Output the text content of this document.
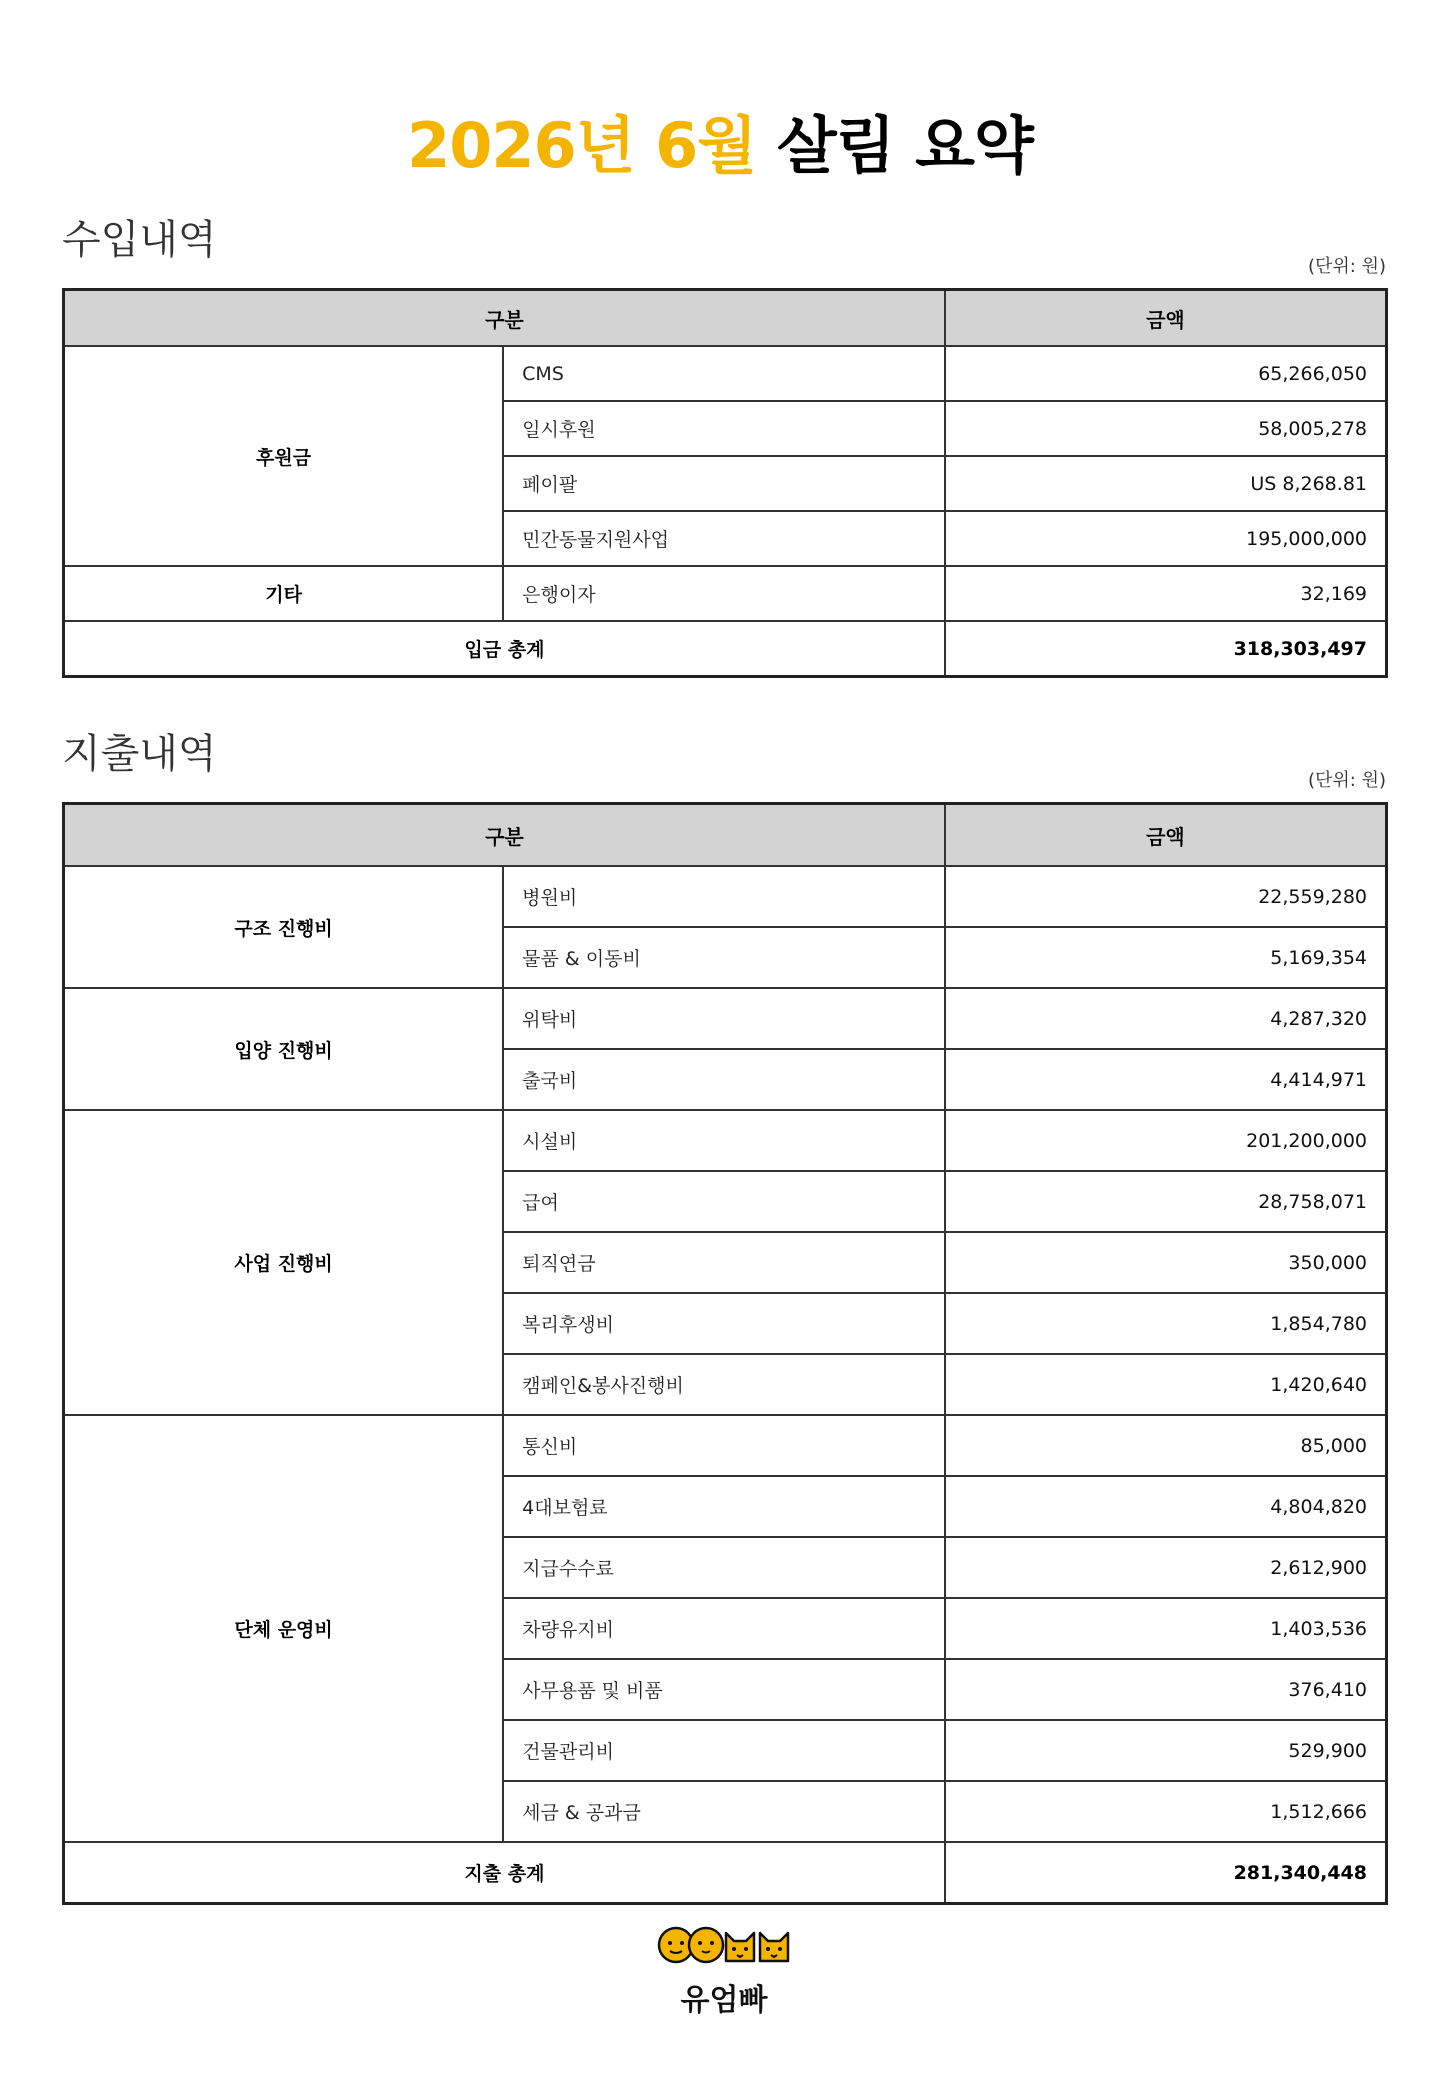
2026년 6월 살림 요약
수입내역
(단위: 원)
구분		금액
후원금	CMS	65,266,050
	일시후원	58,005,278
	페이팔	US 8,268.81
	민간동물지원사업	195,000,000
기타	은행이자	32,169
입금 총계		318,303,497
지출내역
(단위: 원)
구분		금액
구조 진행비	병원비	22,559,280
	물품 & 이동비	5,169,354
입양 진행비	위탁비	4,287,320
	출국비	4,414,971
사업 진행비	시설비	201,200,000
	급여	28,758,071
	퇴직연금	350,000
	복리후생비	1,854,780
	캠페인&봉사진행비	1,420,640
단체 운영비	통신비	85,000
	4대보험료	4,804,820
	지급수수료	2,612,900
	차량유지비	1,403,536
	사무용품 및 비품	376,410
	건물관리비	529,900
	세금 & 공과금	1,512,666
지출 총계		281,340,448
유엄빠
